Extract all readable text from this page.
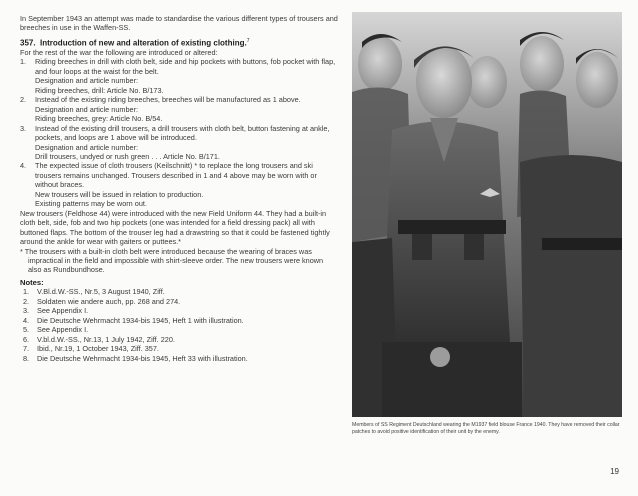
In September 1943 an attempt was made to standardise the various different types of trousers and breeches in use in the Waffen-SS.

357. Introduction of new and alteration of existing clothing.$^7$

For the rest of the war the following are introduced or altered:

1.	Riding breeches in drill with cloth belt, side and hip pockets with buttons, fob pocket with flap, and four loops at the waist for the belt.
Designation and article number:
Riding breeches, drill: Article No. B/173.
2.	Instead of the existing riding breeches, breeches will be manufactured as 1 above.
Designation and article number:
Riding breeches, grey: Article No. B/54.
3.	Instead of the existing drill trousers, a drill trousers with cloth belt, button fastening at ankle, pockets, and loops are 1 above will be introduced.
Designation and article number:
Drill trousers, undyed or rush green . . . Article No. B/171.
4.	The expected issue of cloth trousers (Keilschnitt) * to replace the long trousers and ski trousers remains unchanged. Trousers described in 1 and 4 above may be worn with or without braces.
New trousers will be issued in relation to production.
Existing patterns may be worn out.

New trousers (Feldhose 44) were introduced with the new Field Uniform 44. They had a built-in cloth belt, side, fob and two hip pockets (one was intended for a field dressing pack) all with buttoned flaps. The bottom of the trouser leg had a drawstring so that it could be fastened tightly around the ankle for wear with gaiters or puttees.*

* The trousers with a built-in cloth belt were introduced because the wearing of braces was impractical in the field and impossible with shirt-sleeve order. The new trousers were known also as Rundbundhose.

Notes:
1.	V.Bl.d.W.-SS., Nr.5, 3 August 1940, Ziff.
2.	Soldaten wie andere auch, pp. 268 and 274.
3.	See Appendix I.
4.	Die Deutsche Wehrmacht 1934-bis 1945, Heft 1 with illustration.
5.	See Appendix I.
6.	V.bl.d.W.-SS., Nr.13, 1 July 1942, Ziff. 220.
7.	Ibid., Nr.19, 1 October 1943, Ziff. 357.
8.	Die Deutsche Wehrmacht 1934-bis 1945, Heft 33 with illustration.
Members of SS Regiment Deutschland wearing the M1937 field blouse France 1940. They have removed their collar patches to avoid positive identification of their unit by the enemy.
19
